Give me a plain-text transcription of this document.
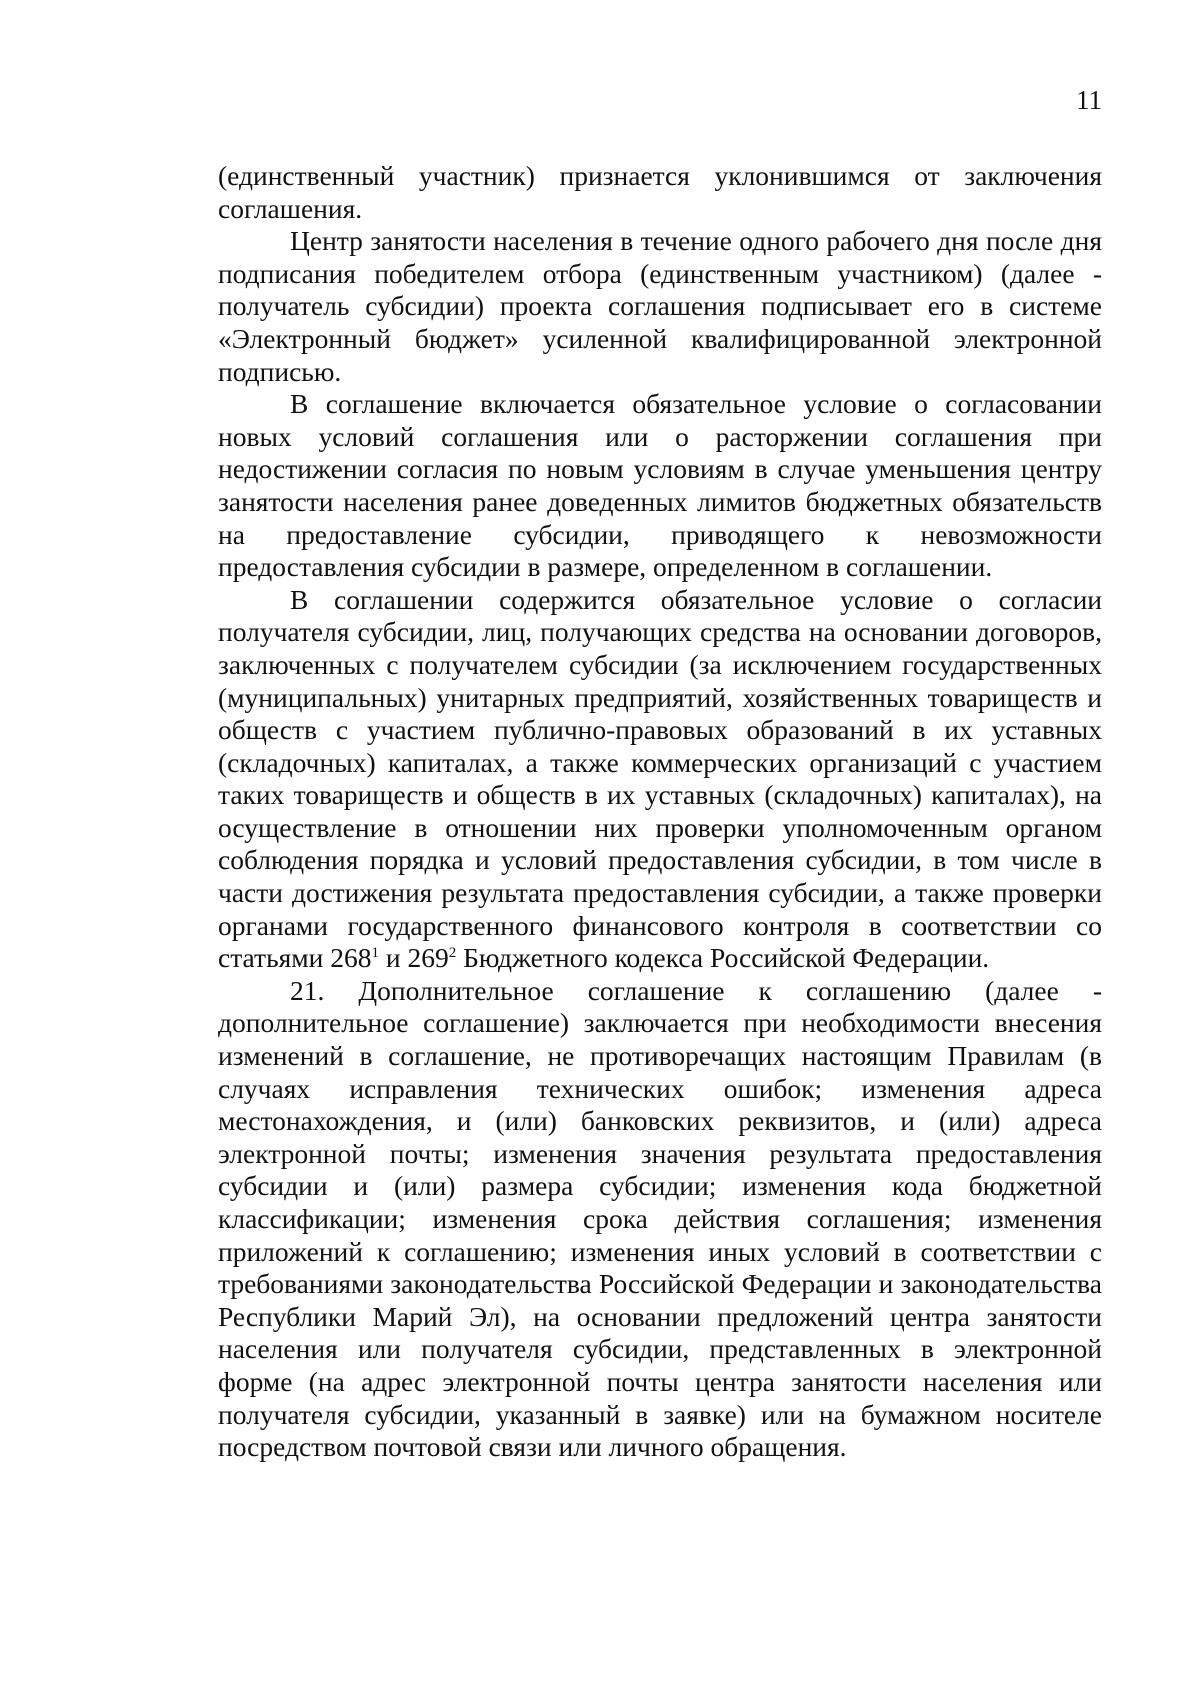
11

(единственный участник) признается уклонившимся от заключения соглашения.

Центр занятости населения в течение одного рабочего дня после дня подписания победителем отбора (единственным участником) (далее - получатель субсидии) проекта соглашения подписывает его в системе «Электронный бюджет» усиленной квалифицированной электронной подписью.

В соглашение включается обязательное условие о согласовании новых условий соглашения или о расторжении соглашения при недостижении согласия по новым условиям в случае уменьшения центру занятости населения ранее доведенных лимитов бюджетных обязательств на предоставление субсидии, приводящего к невозможности предоставления субсидии в размере, определенном в соглашении.

В соглашении содержится обязательное условие о согласии получателя субсидии, лиц, получающих средства на основании договоров, заключенных с получателем субсидии (за исключением государственных (муниципальных) унитарных предприятий, хозяйственных товариществ и обществ с участием публично-правовых образований в их уставных (складочных) капиталах, а также коммерческих организаций с участием таких товариществ и обществ в их уставных (складочных) капиталах), на осуществление в отношении них проверки уполномоченным органом соблюдения порядка и условий предоставления субсидии, в том числе в части достижения результата предоставления субсидии, а также проверки органами государственного финансового контроля в соответствии со статьями $268^1$ и $269^2$ Бюджетного кодекса Российской Федерации.

21. Дополнительное соглашение к соглашению (далее - дополнительное соглашение) заключается при необходимости внесения изменений в соглашение, не противоречащих настоящим Правилам (в случаях исправления технических ошибок; изменения адреса местонахождения, и (или) банковских реквизитов, и (или) адреса электронной почты; изменения значения результата предоставления субсидии и (или) размера субсидии; изменения кода бюджетной классификации; изменения срока действия соглашения; изменения приложений к соглашению; изменения иных условий в соответствии с требованиями законодательства Российской Федерации и законодательства Республики Марий Эл), на основании предложений центра занятости населения или получателя субсидии, представленных в электронной форме (на адрес электронной почты центра занятости населения или получателя субсидии, указанный в заявке) или на бумажном носителе посредством почтовой связи или личного обращения.
